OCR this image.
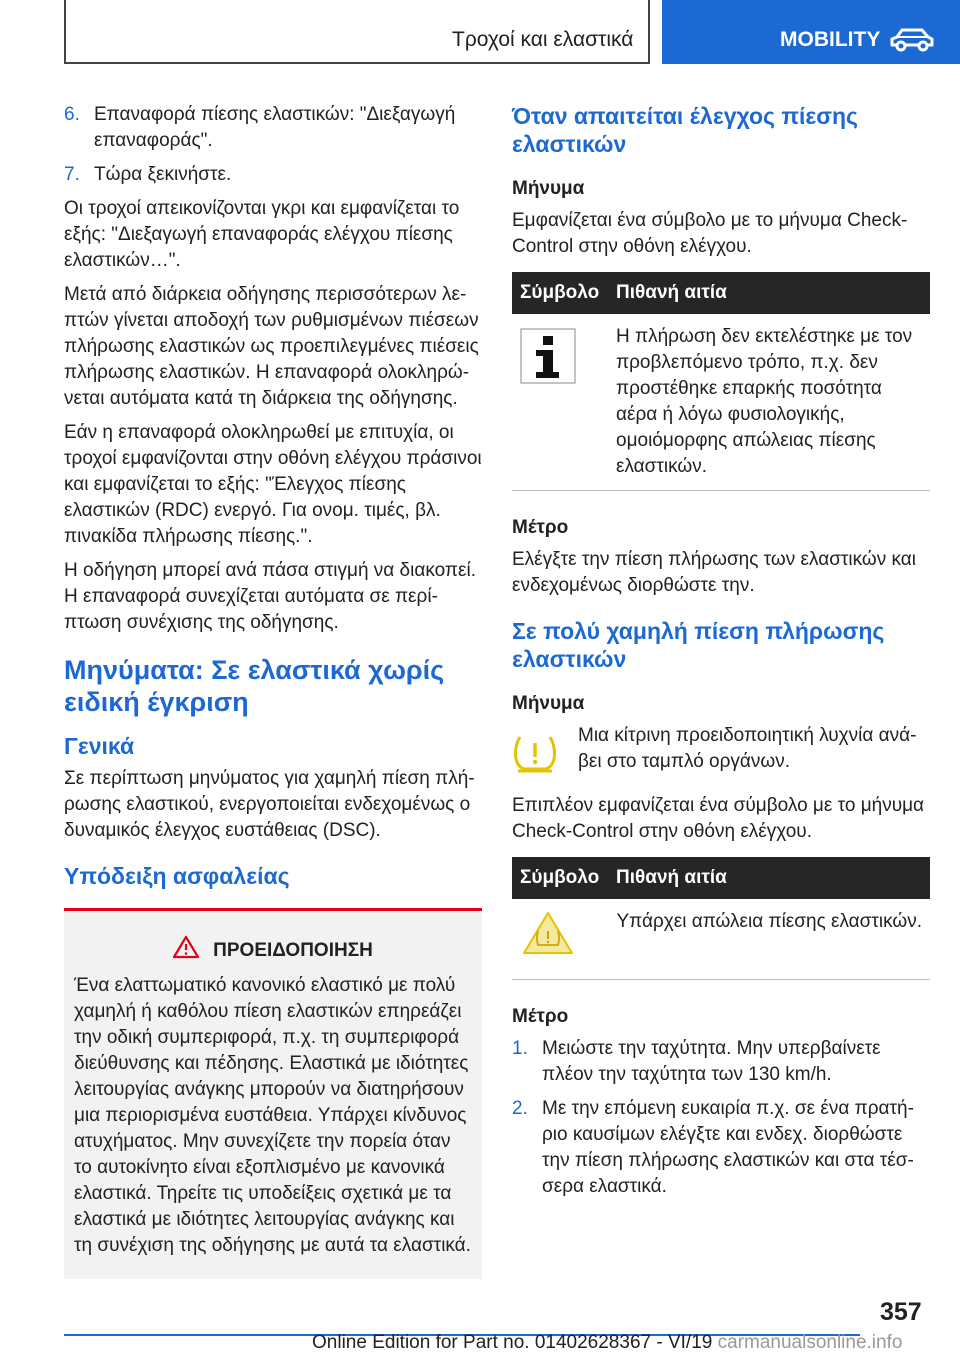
Τροχοί και ελαστικά	MOBILITY
6. Επαναφορά πίεσης ελαστικών: "Διεξαγωγή επαναφοράς".
7. Τώρα ξεκινήστε.

Οι τροχοί απεικονίζονται γκρι και εμφανίζεται το εξής: "Διεξαγωγή επαναφοράς ελέγχου πίεσης ελαστικών…".

Μετά από διάρκεια οδήγησης περισσότερων λεπτών γίνεται αποδοχή των ρυθμισμένων πιέσεων πλήρωσης ελαστικών ως προεπιλεγμένες πιέσεις πλήρωσης ελαστικών. Η επαναφορά ολοκληρώνεται αυτόματα κατά τη διάρκεια της οδήγησης.

Εάν η επαναφορά ολοκληρωθεί με επιτυχία, οι τροχοί εμφανίζονται στην οθόνη ελέγχου πράσινοι και εμφανίζεται το εξής: "Έλεγχος πίεσης ελαστικών (RDC) ενεργό. Για ονομ. τιμές, βλ. πινακίδα πλήρωσης πίεσης.".

Η οδήγηση μπορεί ανά πάσα στιγμή να διακοπεί. Η επαναφορά συνεχίζεται αυτόματα σε περίπτωση συνέχισης της οδήγησης.

Μηνύματα: Σε ελαστικά χωρίς ειδική έγκριση
Γενικά

Σε περίπτωση μηνύματος για χαμηλή πίεση πλήρωσης ελαστικού, ενεργοποιείται ενδεχομένως ο δυναμικός έλεγχος ευστάθειας (DSC).

Υπόδειξη ασφαλείας
ΠΡΟΕΙΔΟΠΟΙΗΣΗ

Ένα ελαττωματικό κανονικό ελαστικό με πολύ χαμηλή ή καθόλου πίεση ελαστικών επηρεάζει την οδική συμπεριφορά, π.χ. τη συμπεριφορά διεύθυνσης και πέδησης. Ελαστικά με ιδιότητες λειτουργίας ανάγκης μπορούν να διατηρήσουν μια περιορισμένα ευστάθεια. Υπάρχει κίνδυνος ατυχήματος. Μην συνεχίζετε την πορεία όταν το αυτοκίνητο είναι εξοπλισμένο με κανονικά ελαστικά. Τηρείτε τις υποδείξεις σχετικά με τα ελαστικά με ιδιότητες λειτουργίας ανάγκης και τη συνέχιση της οδήγησης με αυτά τα ελαστικά.

Όταν απαιτείται έλεγχος πίεσης ελαστικών
Μήνυμα

Εμφανίζεται ένα σύμβολο με το μήνυμα Check-Control στην οθόνη ελέγχου.

Σύμβολο	Πιθανή αιτία
	Η πλήρωση δεν εκτελέστηκε με τον προβλεπόμενο τρόπο, π.χ. δεν προστέθηκε επαρκής ποσότητα αέρα ή λόγω φυσιολογικής, ομοιόμορφης απώλειας πίεσης ελαστικών.
Μέτρο

Ελέγξτε την πίεση πλήρωσης των ελαστικών και ενδεχομένως διορθώστε την.

Σε πολύ χαμηλή πίεση πλήρωσης ελαστικών
Μήνυμα
Μια κίτρινη προειδοποιητική λυχνία ανάβει στο ταμπλό οργάνων.

Επιπλέον εμφανίζεται ένα σύμβολο με το μήνυμα Check-Control στην οθόνη ελέγχου.

Σύμβολο	Πιθανή αιτία
	Υπάρχει απώλεια πίεσης ελαστικών.
Μέτρο
1. Μειώστε την ταχύτητα. Μην υπερβαίνετε πλέον την ταχύτητα των 130 km/h.
2. Με την επόμενη ευκαιρία π.χ. σε ένα πρατήριο καυσίμων ελέγξτε και ενδεχ. διορθώστε την πίεση πλήρωσης ελαστικών και στα τέσσερα ελαστικά.
357
Online Edition for Part no. 01402628367 - VI/19 carmanualsonline.info
